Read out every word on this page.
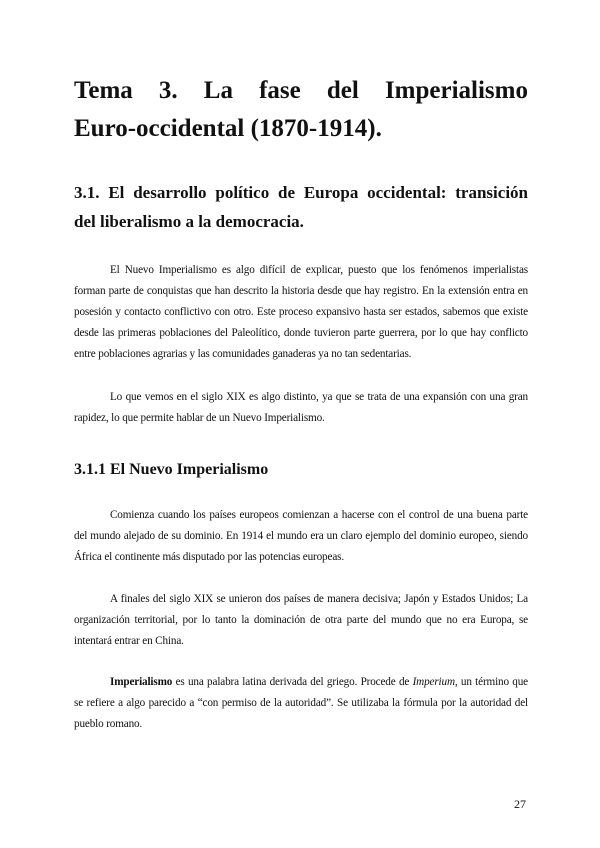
Tema 3. La fase del Imperialismo
Euro-occidental (1870-1914).
3.1. El desarrollo político de Europa occidental: transición
del liberalismo a la democracia.

El Nuevo Imperialismo es algo difícil de explicar, puesto que los fenómenos imperialistas forman parte de conquistas que han descrito la historia desde que hay registro. En la extensión entra en posesión y contacto conflictivo con otro. Este proceso expansivo hasta ser estados, sabemos que existe desde las primeras poblaciones del Paleolítico, donde tuvieron parte guerrera, por lo que hay conflicto entre poblaciones agrarias y las comunidades ganaderas ya no tan sedentarias.

Lo que vemos en el siglo XIX es algo distinto, ya que se trata de una expansión con una gran rapidez, lo que permite hablar de un Nuevo Imperialismo.

3.1.1 El Nuevo Imperialismo

Comienza cuando los países europeos comienzan a hacerse con el control de una buena parte del mundo alejado de su dominio. En 1914 el mundo era un claro ejemplo del dominio europeo, siendo África el continente más disputado por las potencias europeas.

A finales del siglo XIX se unieron dos países de manera decisiva; Japón y Estados Unidos; La organización territorial, por lo tanto la dominación de otra parte del mundo que no era Europa, se intentará entrar en China.

Imperialismo es una palabra latina derivada del griego. Procede de Imperium, un término que se refiere a algo parecido a “con permiso de la autoridad”. Se utilizaba la fórmula por la autoridad del pueblo romano.

27
